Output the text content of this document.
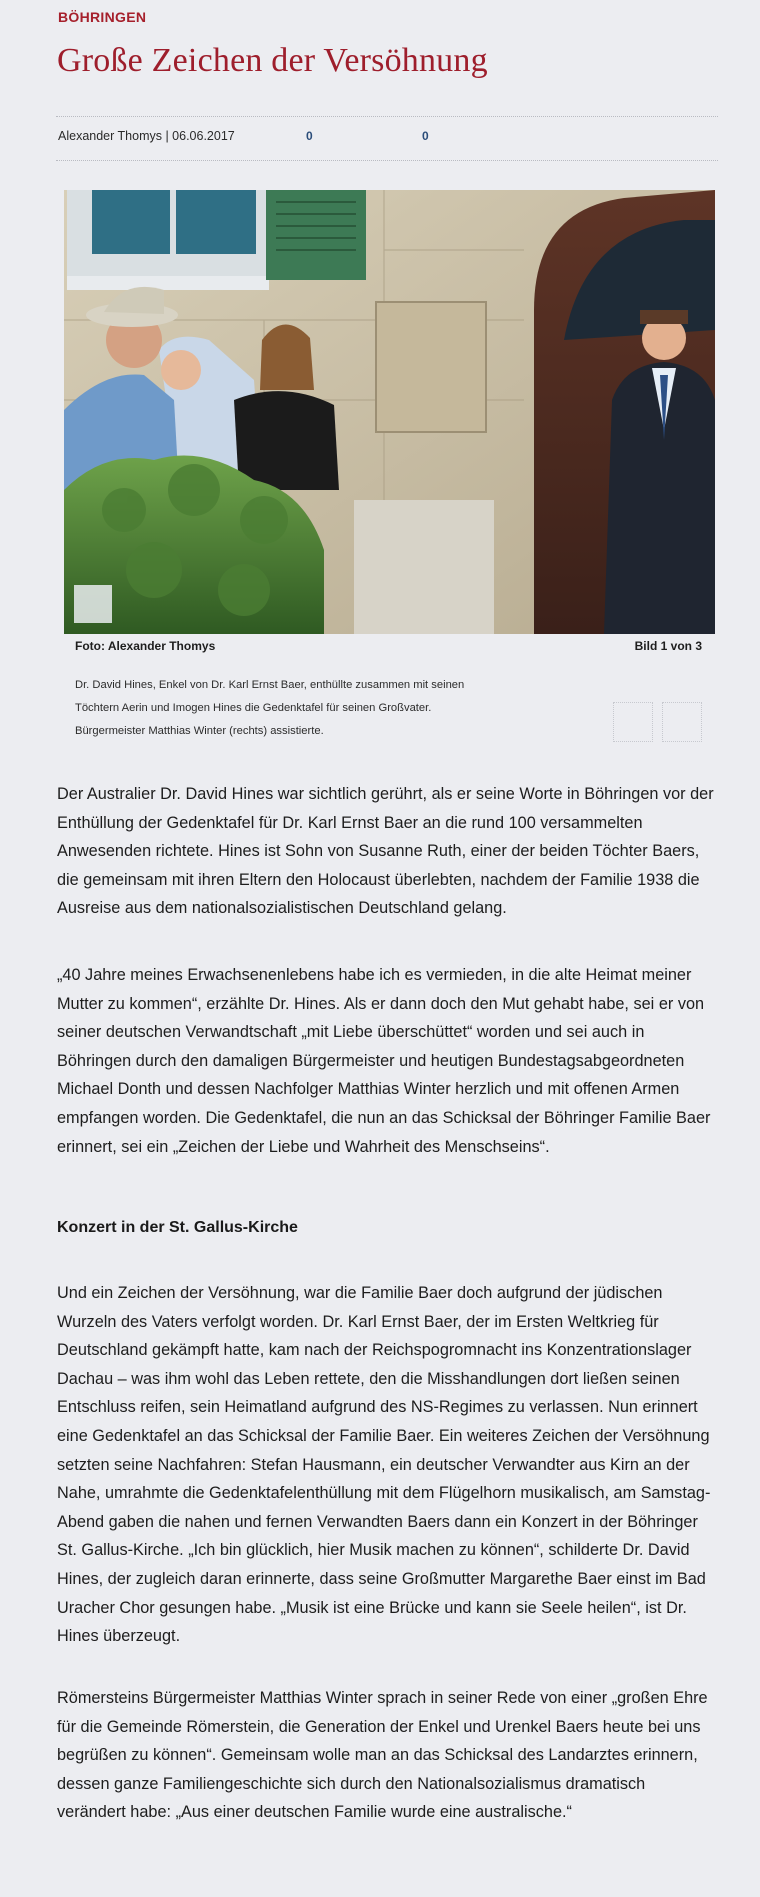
BÖHRINGEN
Große Zeichen der Versöhnung
Alexander Thomys | 06.06.2017	0	0
Foto: Alexander Thomys	Bild 1 von 3

Dr. David Hines, Enkel von Dr. Karl Ernst Baer, enthüllte zusammen mit seinen
Töchtern Aerin und Imogen Hines die Gedenktafel für seinen Großvater.
Bürgermeister Matthias Winter (rechts) assistierte.

Der Australier Dr. David Hines war sichtlich gerührt, als er seine Worte in Böhringen vor der Enthüllung der Gedenktafel für Dr. Karl Ernst Baer an die rund 100 versammelten Anwesenden richtete. Hines ist Sohn von Susanne Ruth, einer der beiden Töchter Baers, die gemeinsam mit ihren Eltern den Holocaust überlebten, nachdem der Familie 1938 die Ausreise aus dem nationalsozialistischen Deutschland gelang.

„40 Jahre meines Erwachsenenlebens habe ich es vermieden, in die alte Heimat meiner Mutter zu kommen“, erzählte Dr. Hines. Als er dann doch den Mut gehabt habe, sei er von seiner deutschen Verwandtschaft „mit Liebe überschüttet“ worden und sei auch in Böhringen durch den damaligen Bürgermeister und heutigen Bundestagsabgeordneten Michael Donth und dessen Nachfolger Matthias Winter herzlich und mit offenen Armen empfangen worden. Die Gedenktafel, die nun an das Schicksal der Böhringer Familie Baer erinnert, sei ein „Zeichen der Liebe und Wahrheit des Menschseins“.

Konzert in der St. Gallus-Kirche

Und ein Zeichen der Versöhnung, war die Familie Baer doch aufgrund der jüdischen Wurzeln des Vaters verfolgt worden. Dr. Karl Ernst Baer, der im Ersten Weltkrieg für Deutschland gekämpft hatte, kam nach der Reichspogromnacht ins Konzentrationslager Dachau – was ihm wohl das Leben rettete, den die Misshandlungen dort ließen seinen Entschluss reifen, sein Heimatland aufgrund des NS-Regimes zu verlassen. Nun erinnert eine Gedenktafel an das Schicksal der Familie Baer. Ein weiteres Zeichen der Versöhnung setzten seine Nachfahren: Stefan Hausmann, ein deutscher Verwandter aus Kirn an der Nahe, umrahmte die Gedenktafelenthüllung mit dem Flügelhorn musikalisch, am Samstag-Abend gaben die nahen und fernen Verwandten Baers dann ein Konzert in der Böhringer St. Gallus-Kirche. „Ich bin glücklich, hier Musik machen zu können“, schilderte Dr. David Hines, der zugleich daran erinnerte, dass seine Großmutter Margarethe Baer einst im Bad Uracher Chor gesungen habe. „Musik ist eine Brücke und kann sie Seele heilen“, ist Dr. Hines überzeugt.

Römersteins Bürgermeister Matthias Winter sprach in seiner Rede von einer „großen Ehre für die Gemeinde Römerstein, die Generation der Enkel und Urenkel Baers heute bei uns begrüßen zu können“. Gemeinsam wolle man an das Schicksal des Landarztes erinnern, dessen ganze Familiengeschichte sich durch den Nationalsozialismus dramatisch verändert habe: „Aus einer deutschen Familie wurde eine australische.“
